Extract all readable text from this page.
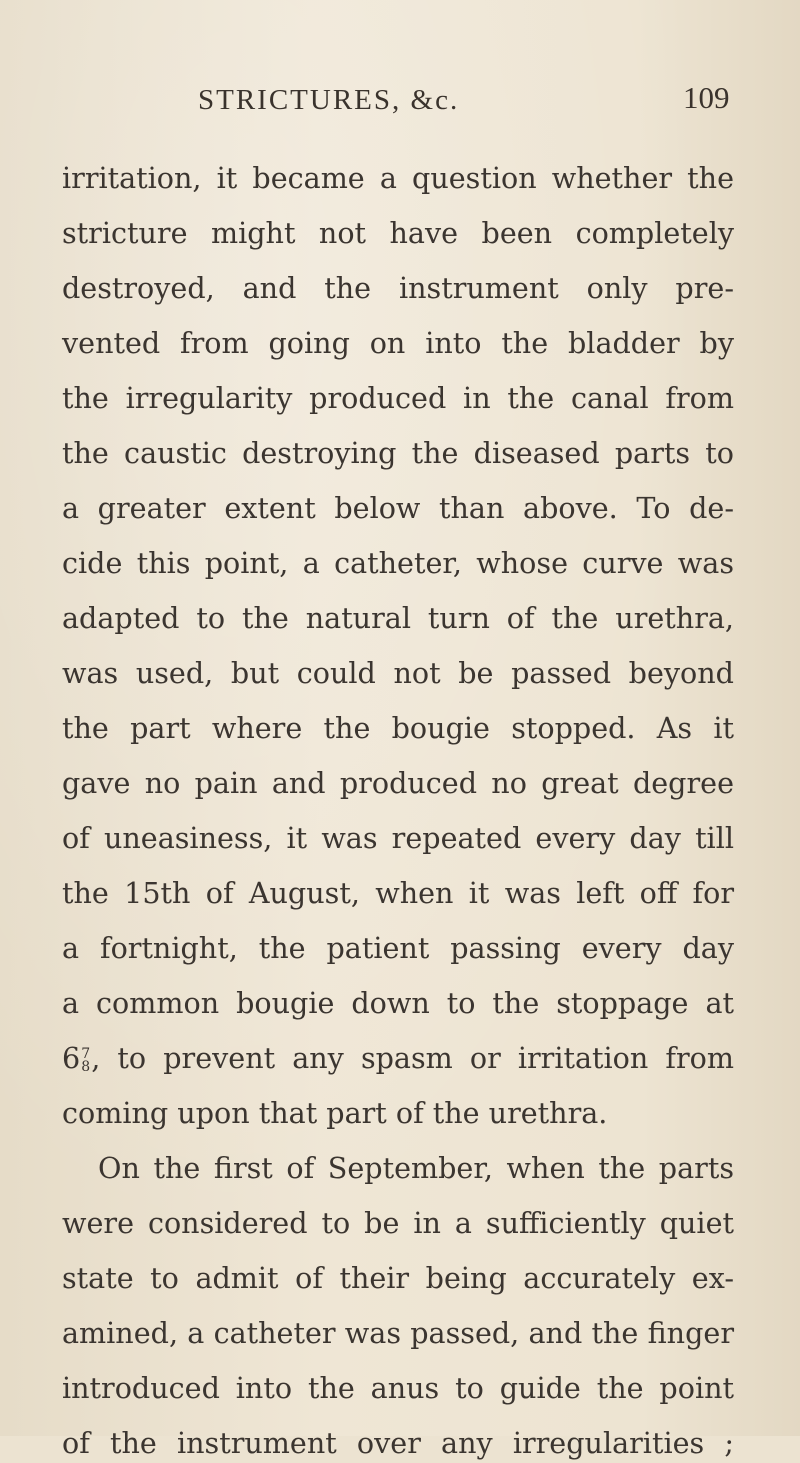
STRICTURES, &c.	109
irritation, it became a question whether the
stricture might not have been completely
destroyed, and the instrument only pre-
vented from going on into the bladder by
the irregularity produced in the canal from
the caustic destroying the diseased parts to
a greater extent below than above. To de-
cide this point, a catheter, whose curve was
adapted to the natural turn of the urethra,
was used, but could not be passed beyond
the part where the bougie stopped. As it
gave no pain and produced no great degree
of uneasiness, it was repeated every day till
the 15th of August, when it was left off for
a fortnight, the patient passing every day
a common bougie down to the stoppage at
6 7
8 , to prevent any spasm or irritation from
coming upon that part of the urethra.
On the first of September, when the parts
were considered to be in a sufficiently quiet
state to admit of their being accurately ex-
amined, a catheter was passed, and the finger
introduced into the anus to guide the point
of the instrument over any irregularities ;
